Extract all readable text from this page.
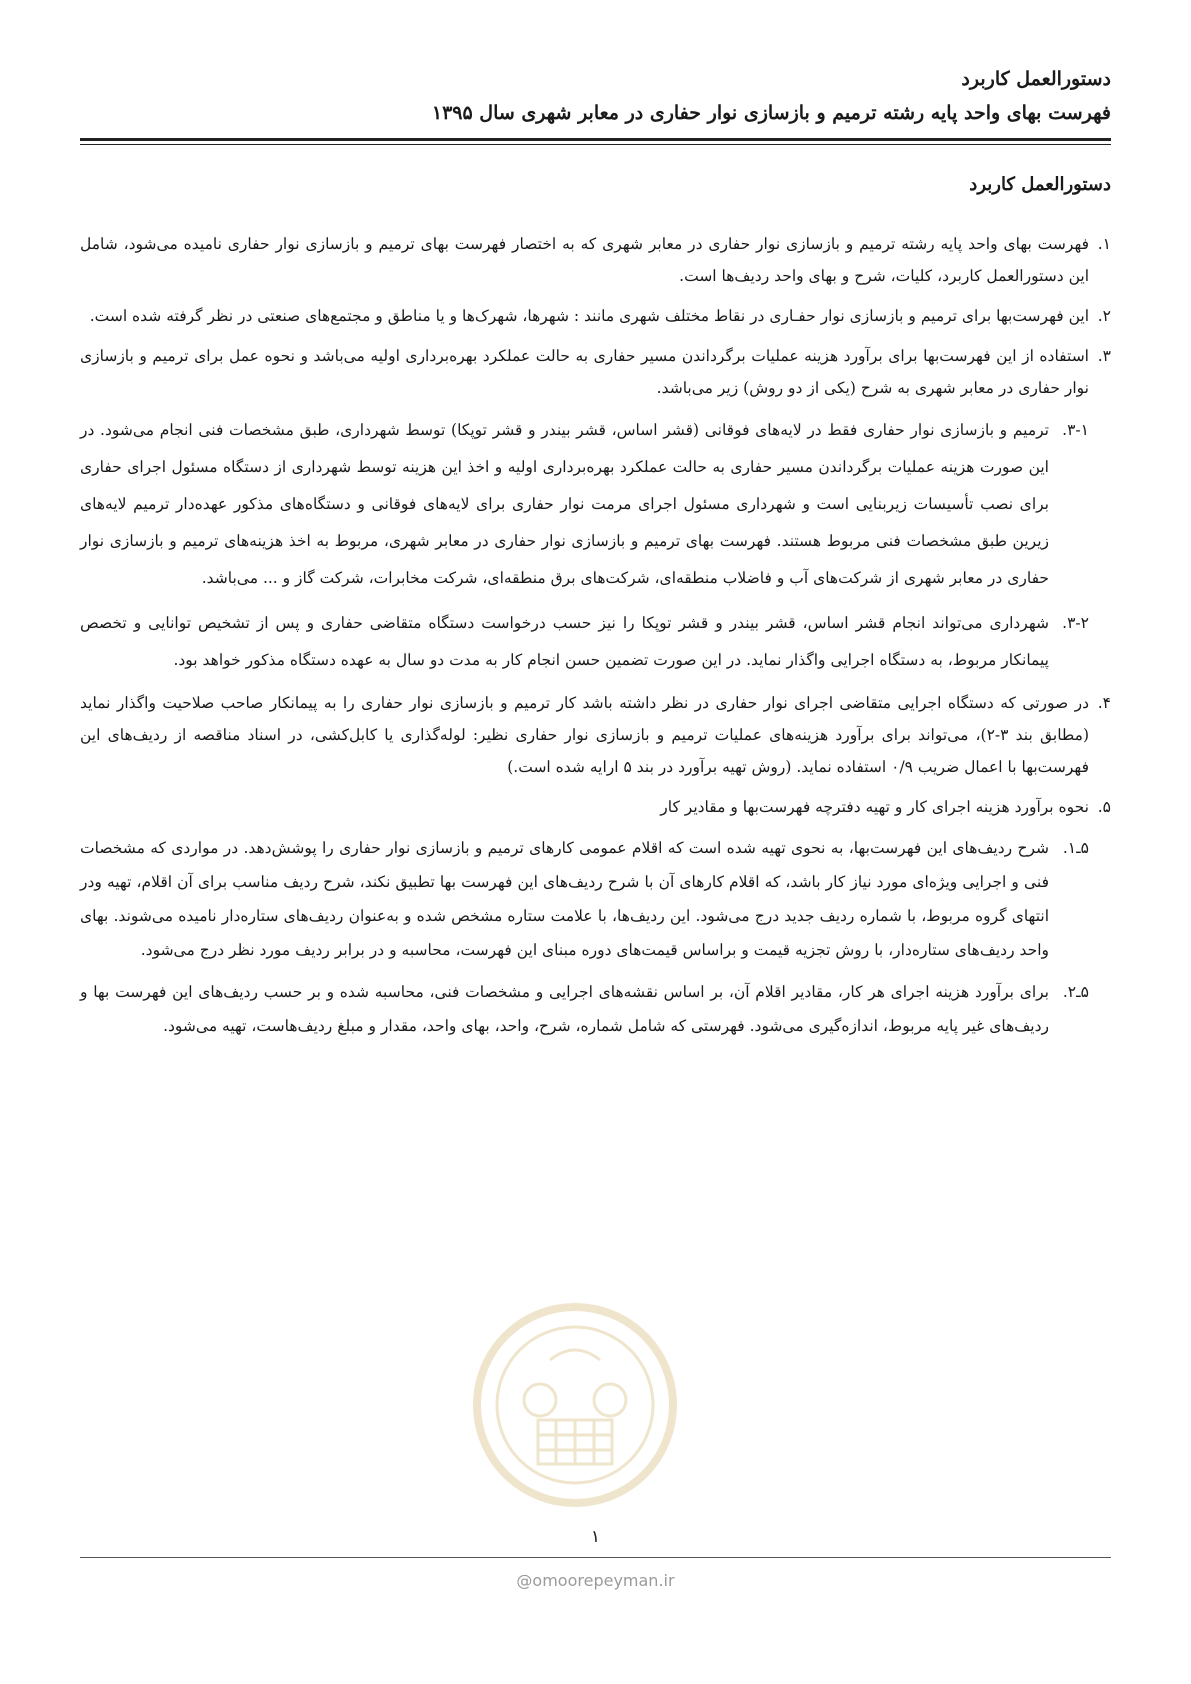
دستورالعمل کاربرد
فهرست بهای واحد پایه رشته ترمیم و بازسازی نوار حفاری در معابر شهری سال ۱۳۹۵
دستورالعمل کاربرد
۱.

فهرست بهای واحد پایه رشته ترمیم و بازسازی نوار حفاری در معابر شهری که به اختصار فهرست بهای ترمیم و بازسازی نوار حفاری نامیده می‌شود، شامل این دستورالعمل کاربرد، کلیات، شرح و بهای واحد ردیف‌ها است.

۲.

این فهرست‌بها برای ترمیم و بازسازی نوار حفـاری در نقاط مختلف شهری مانند : شهرها، شهرک‌ها و یا مناطق و مجتمع‌های صنعتی در نظر گرفته شده است.

۳.

استفاده از این فهرست‌بها برای برآورد هزینه عملیات برگرداندن مسیر حفاری به حالت عملکرد بهره‌برداری اولیه می‌باشد و نحوه عمل برای ترمیم و بازسازی نوار حفاری در معابر شهری به شرح (یکی از دو روش) زیر می‌باشد.

۳-۱.

ترمیم و بازسازی نوار حفاری فقط در لایه‌های فوقانی (قشر اساس، قشر بیندر و قشر توپکا) توسط شهرداری، طبق مشخصات فنی انجام می‌شود. در این صورت هزینه عملیات برگرداندن مسیر حفاری به حالت عملکرد بهره‌برداری اولیه و اخذ این هزینه توسط شهرداری از دستگاه مسئول اجرای حفاری برای نصب تأسیسات زیربنایی است و شهرداری مسئول اجرای مرمت نوار حفاری برای لایه‌های فوقانی و دستگاه‌های مذکور عهده‌دار ترمیم لایه‌های زیرین طبق مشخصات فنی مربوط هستند. فهرست بهای ترمیم و بازسازی نوار حفاری در معابر شهری، مربوط به اخذ هزینه‌های ترمیم و بازسازی نوار حفاری در معابر شهری از شرکت‌های آب و فاضلاب منطقه‌ای، شرکت‌های برق منطقه‌ای، شرکت مخابرات، شرکت گاز و ... می‌باشد.

۳-۲.

شهرداری می‌تواند انجام قشر اساس، قشر بیندر و قشر توپکا را نیز حسب درخواست دستگاه متقاضی حفاری و پس از تشخیص توانایی و تخصص پیمانکار مربوط، به دستگاه اجرایی واگذار نماید. در این صورت تضمین حسن انجام کار به مدت دو سال به عهده دستگاه مذکور خواهد بود.

۴.

در صورتی که دستگاه اجرایی متقاضی اجرای نوار حفاری در نظر داشته باشد کار ترمیم و بازسازی نوار حفاری را به پیمانکار صاحب صلاحیت واگذار نماید (مطابق بند ۳-۲)، می‌تواند برای برآورد هزینه‌های عملیات ترمیم و بازسازی نوار حفاری نظیر: لوله‌گذاری یا کابل‌کشی، در اسناد مناقصه از ردیف‌های این فهرست‌بها با اعمال ضریب ۰/۹ استفاده نماید. (روش تهیه برآورد در بند ۵ ارایه شده است.)

۵.

نحوه برآورد هزینه اجرای کار و تهیه دفترچه فهرست‌بها و مقادیر کار

۵ـ۱.

شرح ردیف‌های این فهرست‌بها، به نحوی تهیه شده است که اقلام عمومی کارهای ترمیم و بازسازی نوار حفاری را پوشش‌دهد. در مواردی که مشخصات فنی و اجرایی ویژه‌ای مورد نیاز کار باشد، که اقلام کارهای آن با شرح ردیف‌های این فهرست بها تطبیق نکند، شرح ردیف مناسب برای آن اقلام، تهیه ودر انتهای گروه مربوط، با شماره ردیف جدید درج می‌شود. این ردیف‌ها، با علامت ستاره مشخص شده و به‌عنوان ردیف‌های ستاره‌دار نامیده می‌شوند. بهای واحد ردیف‌های ستاره‌دار، با روش تجزیه قیمت و براساس قیمت‌های دوره مبنای این فهرست، محاسبه و در برابر ردیف مورد نظر درج می‌شود.

۵ـ۲.

برای برآورد هزینه اجرای هر کار، مقادیر اقلام آن، بر اساس نقشه‌های اجرایی و مشخصات فنی، محاسبه شده و بر حسب ردیف‌های این فهرست بها و ردیف‌های غیر پایه مربوط، اندازه‌گیری می‌شود. فهرستی که شامل شماره، شرح، واحد، بهای واحد، مقدار و مبلغ ردیف‌هاست، تهیه می‌شود.

۱
@omoorepeyman.ir
